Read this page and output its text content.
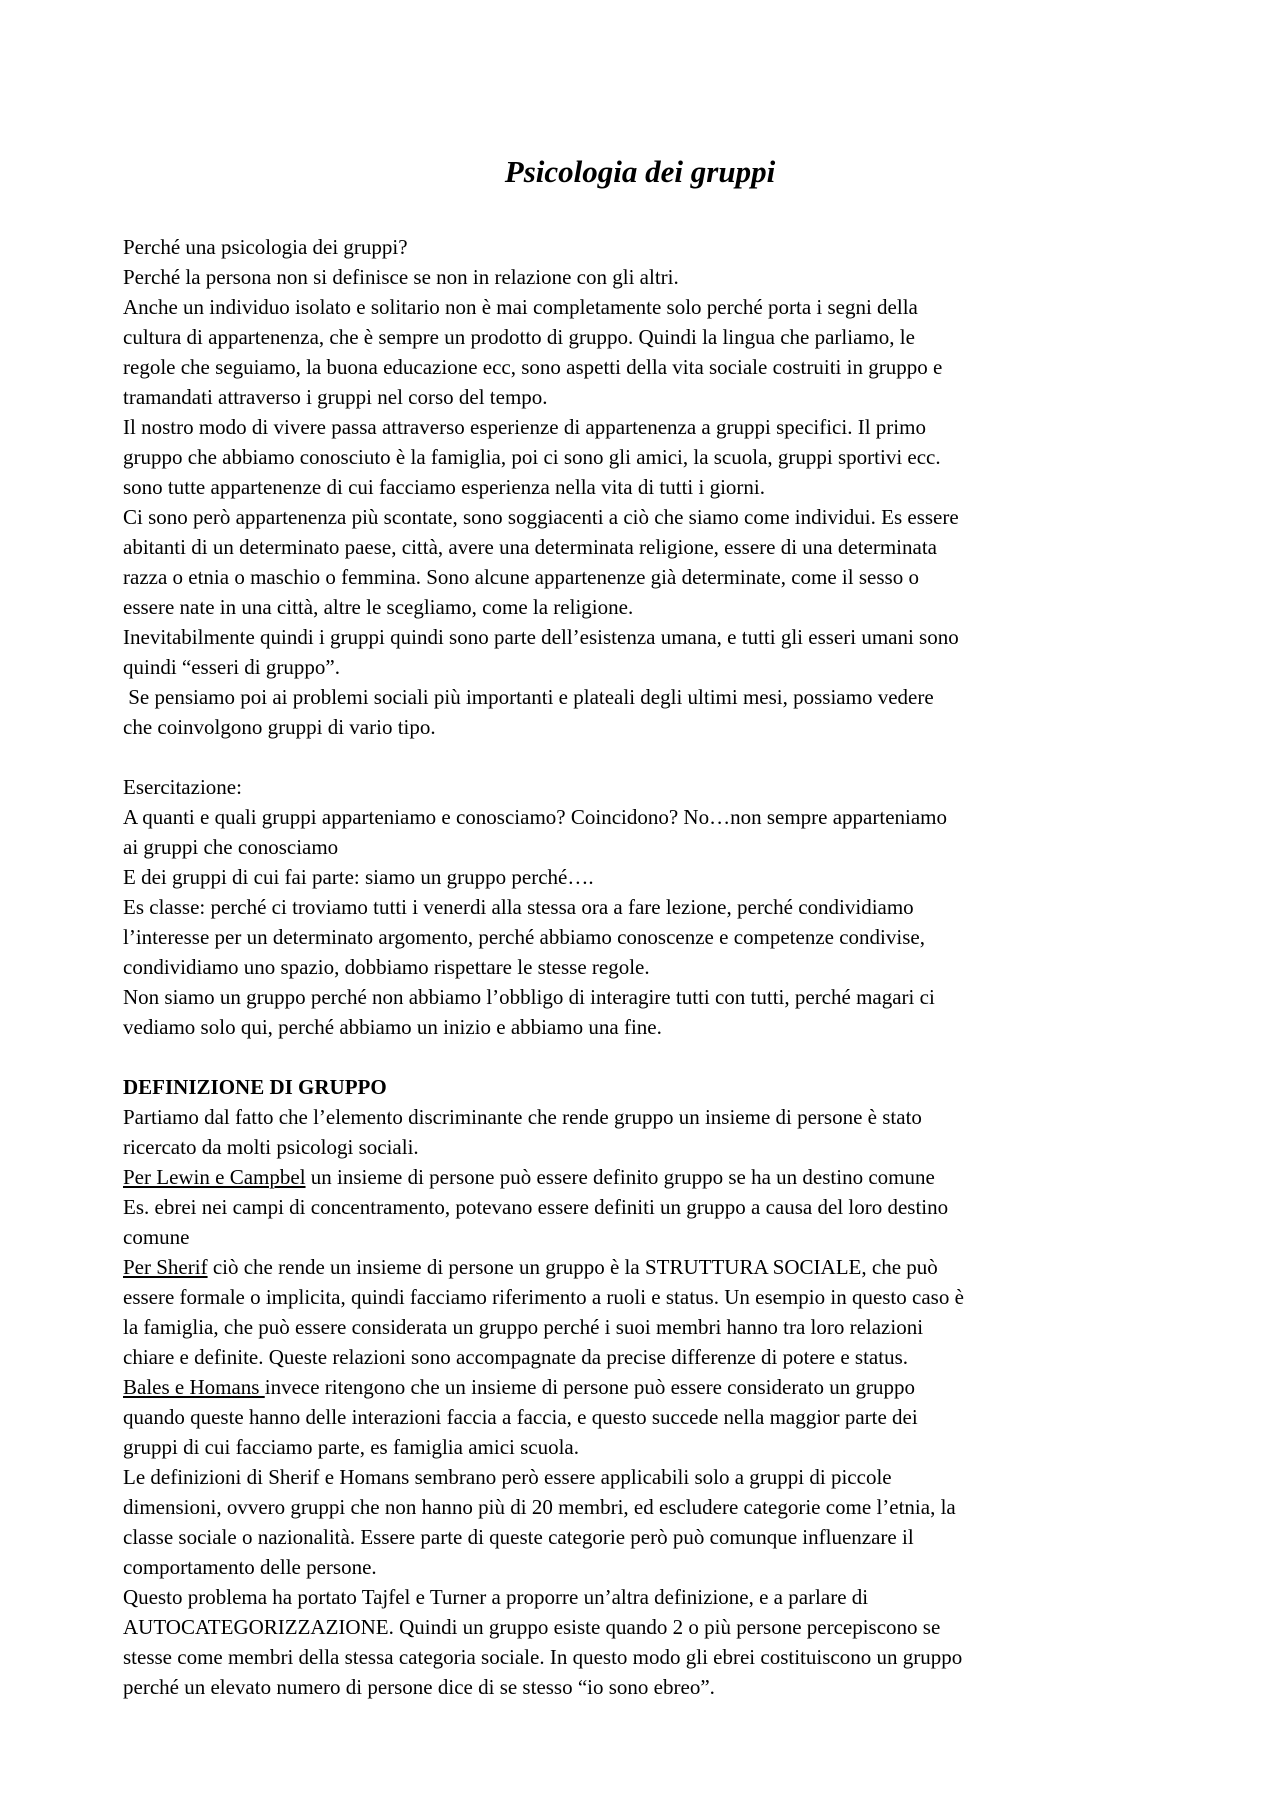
Psicologia dei gruppi

Perché una psicologia dei gruppi?

Perché la persona non si definisce se non in relazione con gli altri.

Anche un individuo isolato e solitario non è mai completamente solo perché porta i segni della

cultura di appartenenza, che è sempre un prodotto di gruppo. Quindi la lingua che parliamo, le

regole che seguiamo, la buona educazione ecc, sono aspetti della vita sociale costruiti in gruppo e

tramandati attraverso i gruppi nel corso del tempo.

Il nostro modo di vivere passa attraverso esperienze di appartenenza a gruppi specifici. Il primo

gruppo che abbiamo conosciuto è la famiglia, poi ci sono gli amici, la scuola, gruppi sportivi ecc.

sono tutte appartenenze di cui facciamo esperienza nella vita di tutti i giorni.

Ci sono però appartenenza più scontate, sono soggiacenti a ciò che siamo come individui. Es essere

abitanti di un determinato paese, città, avere una determinata religione, essere di una determinata

razza o etnia o maschio o femmina. Sono alcune appartenenze già determinate, come il sesso o

essere nate in una città, altre le scegliamo, come la religione.

Inevitabilmente quindi i gruppi quindi sono parte dell’esistenza umana, e tutti gli esseri umani sono

quindi “esseri di gruppo”.

Se pensiamo poi ai problemi sociali più importanti e plateali degli ultimi mesi, possiamo vedere

che coinvolgono gruppi di vario tipo.

Esercitazione:

A quanti e quali gruppi apparteniamo e conosciamo? Coincidono? No…non sempre apparteniamo

ai gruppi che conosciamo

E dei gruppi di cui fai parte: siamo un gruppo perché….

Es classe: perché ci troviamo tutti i venerdi alla stessa ora a fare lezione, perché condividiamo

l’interesse per un determinato argomento, perché abbiamo conoscenze e competenze condivise,

condividiamo uno spazio, dobbiamo rispettare le stesse regole.

Non siamo un gruppo perché non abbiamo l’obbligo di interagire tutti con tutti, perché magari ci

vediamo solo qui, perché abbiamo un inizio e abbiamo una fine.

DEFINIZIONE DI GRUPPO

Partiamo dal fatto che l’elemento discriminante che rende gruppo un insieme di persone è stato

ricercato da molti psicologi sociali.

Per Lewin e Campbel un insieme di persone può essere definito gruppo se ha un destino comune

Es. ebrei nei campi di concentramento, potevano essere definiti un gruppo a causa del loro destino

comune

Per Sherif ciò che rende un insieme di persone un gruppo è la STRUTTURA SOCIALE, che può

essere formale o implicita, quindi facciamo riferimento a ruoli e status. Un esempio in questo caso è

la famiglia, che può essere considerata un gruppo perché i suoi membri hanno tra loro relazioni

chiare e definite. Queste relazioni sono accompagnate da precise differenze di potere e status.

Bales e Homans invece ritengono che un insieme di persone può essere considerato un gruppo

quando queste hanno delle interazioni faccia a faccia, e questo succede nella maggior parte dei

gruppi di cui facciamo parte, es famiglia amici scuola.

Le definizioni di Sherif e Homans sembrano però essere applicabili solo a gruppi di piccole

dimensioni, ovvero gruppi che non hanno più di 20 membri, ed escludere categorie come l’etnia, la

classe sociale o nazionalità. Essere parte di queste categorie però può comunque influenzare il

comportamento delle persone.

Questo problema ha portato Tajfel e Turner a proporre un’altra definizione, e a parlare di

AUTOCATEGORIZZAZIONE. Quindi un gruppo esiste quando 2 o più persone percepiscono se

stesse come membri della stessa categoria sociale. In questo modo gli ebrei costituiscono un gruppo

perché un elevato numero di persone dice di se stesso “io sono ebreo”.
